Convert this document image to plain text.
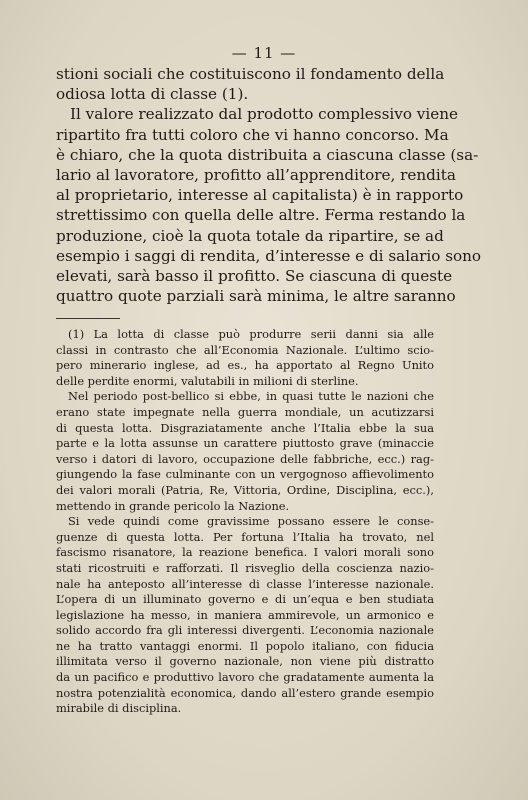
— 11 —
stioni sociali che costituiscono il fondamento della
odiosa lotta di classe (1).
Il valore realizzato dal prodotto complessivo viene
ripartito fra tutti coloro che vi hanno concorso. Ma
è chiaro, che la quota distribuita a ciascuna classe (sa-
lario al lavoratore, profitto all’apprenditore, rendita
al proprietario, interesse al capitalista) è in rapporto
strettissimo con quella delle altre. Ferma restando la
produzione, cioè la quota totale da ripartire, se ad
esempio i saggi di rendita, d’interesse e di salario sono
elevati, sarà basso il profitto. Se ciascuna di queste
quattro quote parziali sarà minima, le altre saranno
(1) La lotta di classe può produrre serii danni sia alle
classi in contrasto che all’Economia Nazionale. L’ultimo scio-
pero minerario inglese, ad es., ha apportato al Regno Unito
delle perdite enormi, valutabili in milioni di sterline.
Nel periodo post-bellico si ebbe, in quasi tutte le nazioni che
erano state impegnate nella guerra mondiale, un acutizzarsi
di questa lotta. Disgraziatamente anche l’Italia ebbe la sua
parte e la lotta assunse un carattere piuttosto grave (minaccie
verso i datori di lavoro, occupazione delle fabbriche, ecc.) rag-
giungendo la fase culminante con un vergognoso affievolimento
dei valori morali (Patria, Re, Vittoria, Ordine, Disciplina, ecc.),
mettendo in grande pericolo la Nazione.
Si vede quindi come gravissime possano essere le conse-
guenze di questa lotta. Per fortuna l’Italia ha trovato, nel
fascismo risanatore, la reazione benefica. I valori morali sono
stati ricostruiti e rafforzati. Il risveglio della coscienza nazio-
nale ha anteposto all’interesse di classe l’interesse nazionale.
L’opera di un illuminato governo e di un’equa e ben studiata
legislazione ha messo, in maniera ammirevole, un armonico e
solido accordo fra gli interessi divergenti. L’economia nazionale
ne ha tratto vantaggi enormi. Il popolo italiano, con fiducia
illimitata verso il governo nazionale, non viene più distratto
da un pacifico e produttivo lavoro che gradatamente aumenta la
nostra potenzialità economica, dando all’estero grande esempio
mirabile di disciplina.
